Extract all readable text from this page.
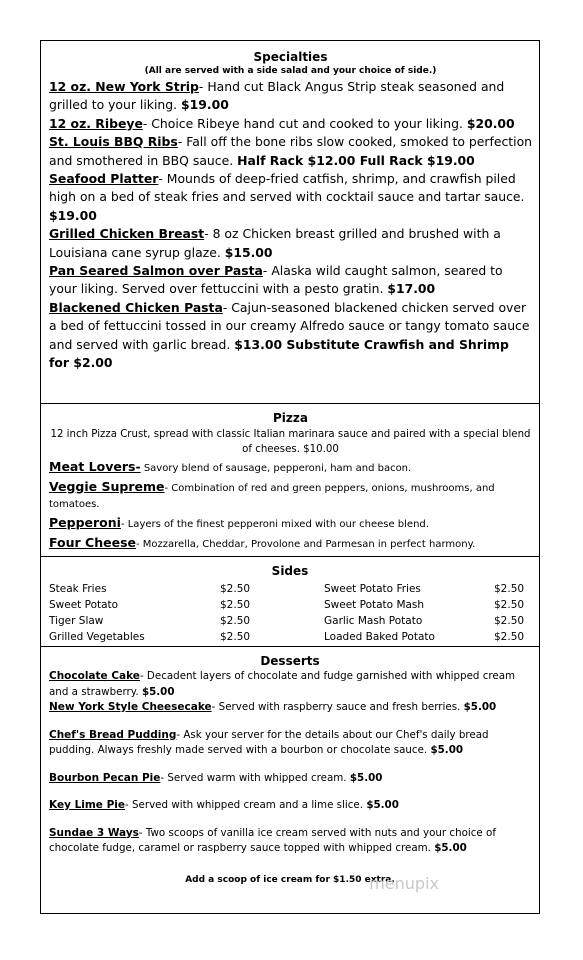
Specialties
(All are served with a side salad and your choice of side.)
12 oz. New York Strip- Hand cut Black Angus Strip steak seasoned and grilled to your liking. $19.00
12 oz. Ribeye- Choice Ribeye hand cut and cooked to your liking. $20.00
St. Louis BBQ Ribs- Fall off the bone ribs slow cooked, smoked to perfection and smothered in BBQ sauce. Half Rack $12.00 Full Rack $19.00
Seafood Platter- Mounds of deep-fried catfish, shrimp, and crawfish piled high on a bed of steak fries and served with cocktail sauce and tartar sauce. $19.00
Grilled Chicken Breast- 8 oz Chicken breast grilled and brushed with a Louisiana cane syrup glaze. $15.00
Pan Seared Salmon over Pasta- Alaska wild caught salmon, seared to your liking. Served over fettuccini with a pesto gratin. $17.00
Blackened Chicken Pasta- Cajun-seasoned blackened chicken served over a bed of fettuccini tossed in our creamy Alfredo sauce or tangy tomato sauce and served with garlic bread. $13.00 Substitute Crawfish and Shrimp for $2.00
Pizza
12 inch Pizza Crust, spread with classic Italian marinara sauce and paired with a special blend of cheeses. $10.00
Meat Lovers- Savory blend of sausage, pepperoni, ham and bacon.
Veggie Supreme- Combination of red and green peppers, onions, mushrooms, and tomatoes.
Pepperoni- Layers of the finest pepperoni mixed with our cheese blend.
Four Cheese- Mozzarella, Cheddar, Provolone and Parmesan in perfect harmony.
Sides
Steak Fries	$2.50	Sweet Potato Fries	$2.50
Sweet Potato	$2.50	Sweet Potato Mash	$2.50
Tiger Slaw	$2.50	Garlic Mash Potato	$2.50
Grilled Vegetables	$2.50	Loaded Baked Potato	$2.50
Desserts
Chocolate Cake- Decadent layers of chocolate and fudge garnished with whipped cream and a strawberry. $5.00
New York Style Cheesecake- Served with raspberry sauce and fresh berries. $5.00
Chef's Bread Pudding- Ask your server for the details about our Chef's daily bread pudding. Always freshly made served with a bourbon or chocolate sauce. $5.00
Bourbon Pecan Pie- Served warm with whipped cream. $5.00
Key Lime Pie- Served with whipped cream and a lime slice. $5.00
Sundae 3 Ways- Two scoops of vanilla ice cream served with nuts and your choice of chocolate fudge, caramel or raspberry sauce topped with whipped cream. $5.00
Add a scoop of ice cream for $1.50 extra.
menupix
